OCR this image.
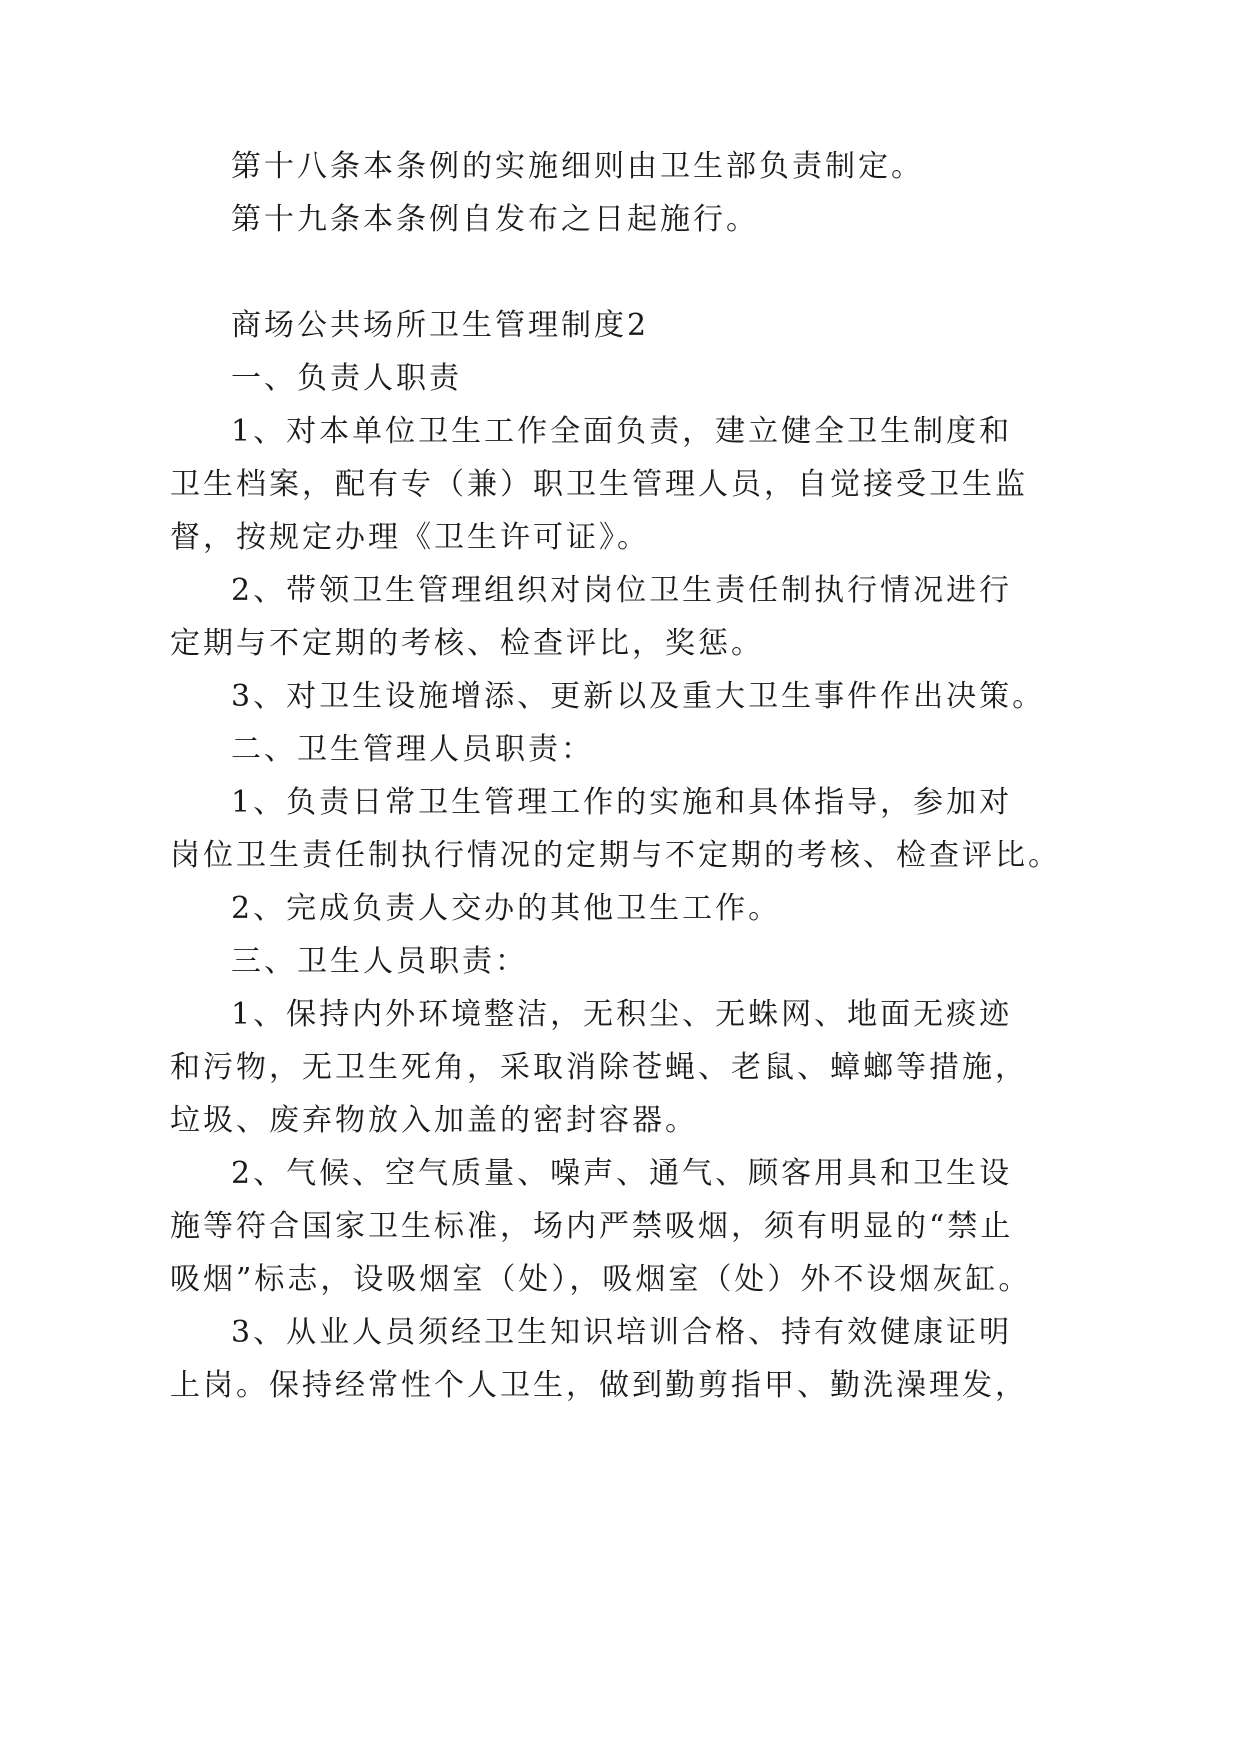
第十八条本条例的实施细则由卫生部负责制定。
第十九条本条例自发布之日起施行。
商场公共场所卫生管理制度2
一、负责人职责
1、对本单位卫生工作全面负责，建立健全卫生制度和
卫生档案，配有专（兼）职卫生管理人员，自觉接受卫生监
督，按规定办理《卫生许可证》。
2、带领卫生管理组织对岗位卫生责任制执行情况进行
定期与不定期的考核、检查评比，奖惩。
3、对卫生设施增添、更新以及重大卫生事件作出决策。
二、卫生管理人员职责：
1、负责日常卫生管理工作的实施和具体指导，参加对
岗位卫生责任制执行情况的定期与不定期的考核、检查评比。
2、完成负责人交办的其他卫生工作。
三、卫生人员职责：
1、保持内外环境整洁，无积尘、无蛛网、地面无痰迹
和污物，无卫生死角，采取消除苍蝇、老鼠、蟑螂等措施，
垃圾、废弃物放入加盖的密封容器。
2、气候、空气质量、噪声、通气、顾客用具和卫生设
施等符合国家卫生标准，场内严禁吸烟，须有明显的“禁止
吸烟”标志，设吸烟室（处），吸烟室（处）外不设烟灰缸。
3、从业人员须经卫生知识培训合格、持有效健康证明
上岗。保持经常性个人卫生，做到勤剪指甲、勤洗澡理发，
